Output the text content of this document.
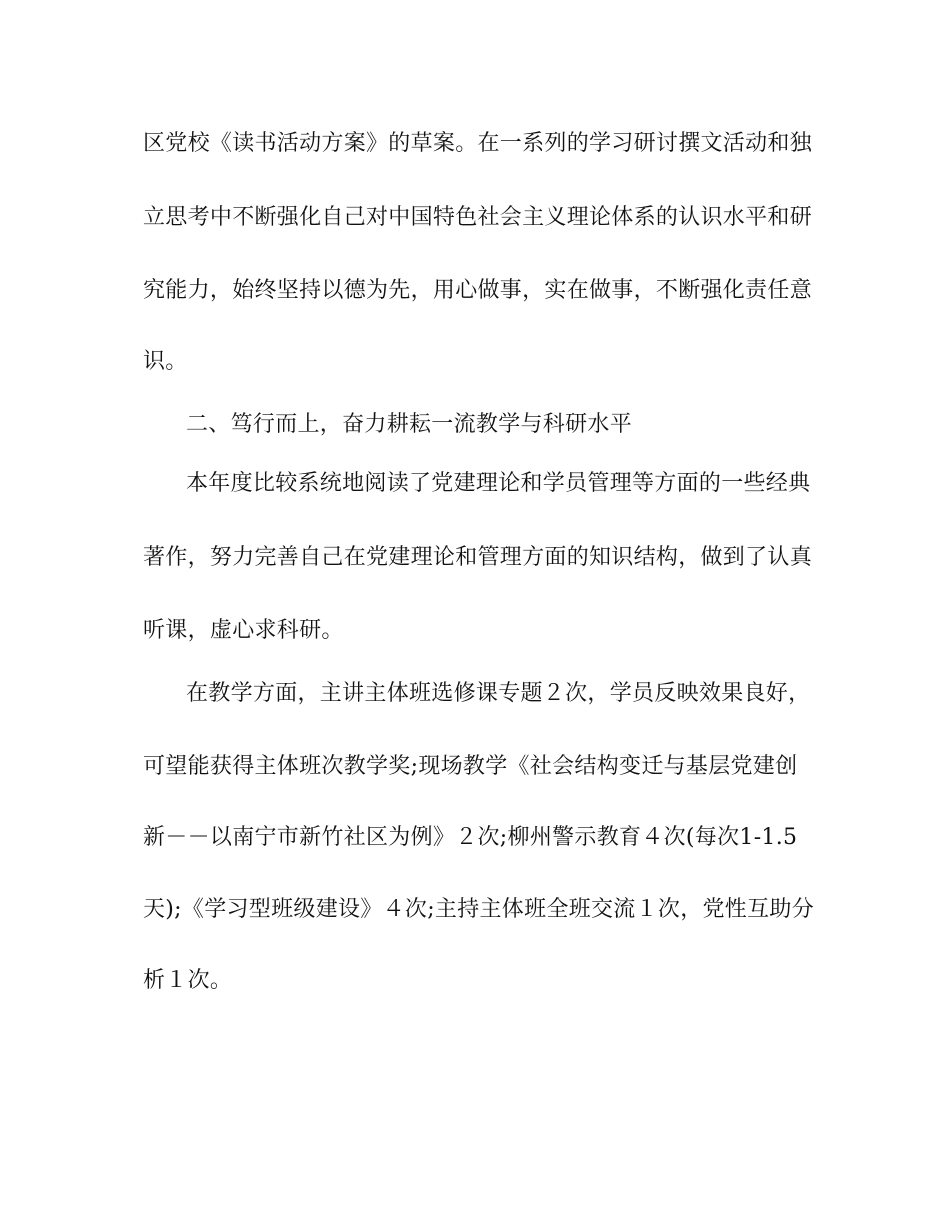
区党校《读书活动方案》的草案。在一系列的学习研讨撰文活动和独
立思考中不断强化自己对中国特色社会主义理论体系的认识水平和研
究能力，始终坚持以德为先，用心做事，实在做事，不断强化责任意
识。
二、笃行而上，奋力耕耘一流教学与科研水平
本年度比较系统地阅读了党建理论和学员管理等方面的一些经典
著作，努力完善自己在党建理论和管理方面的知识结构，做到了认真
听课，虚心求科研。
在教学方面，主讲主体班选修课专题２次，学员反映效果良好，
可望能获得主体班次教学奖;现场教学《社会结构变迁与基层党建创
新－－以南宁市新竹社区为例》２次;柳州警示教育４次(每次1-1.5
天);《学习型班级建设》４次;主持主体班全班交流１次，党性互助分
析１次。
